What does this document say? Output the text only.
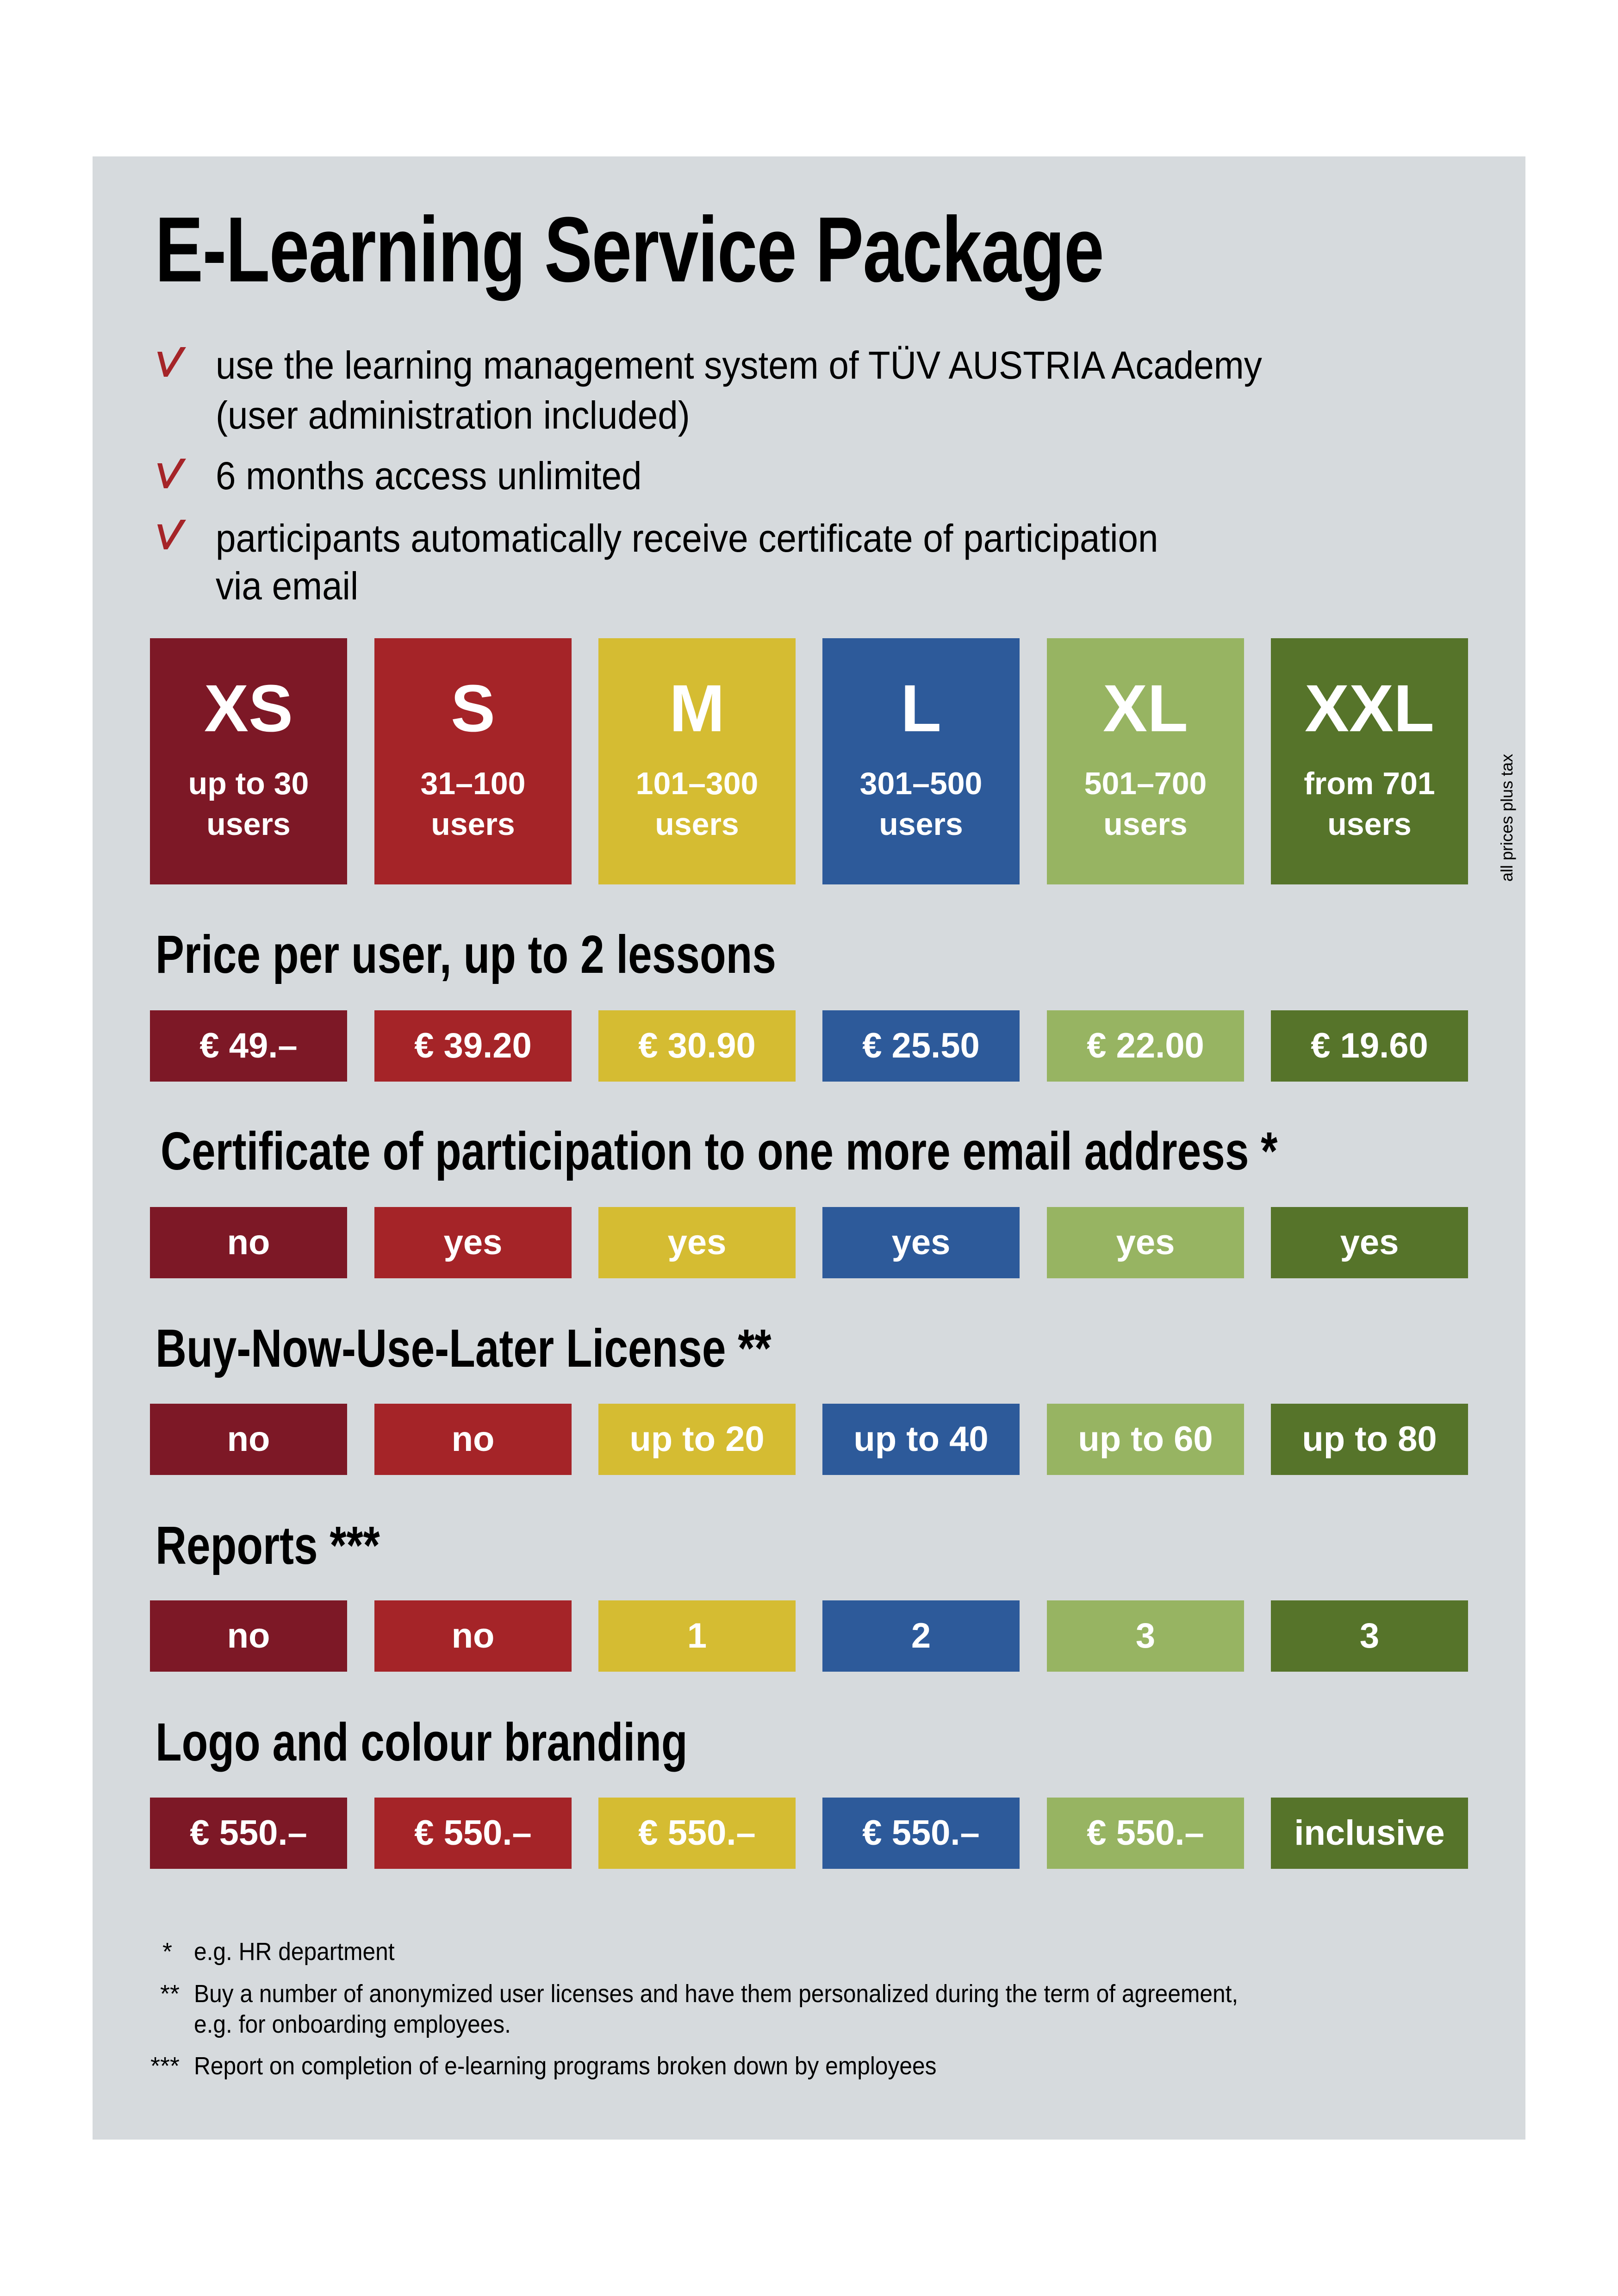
E-Learning Service Package
use the learning management system of TÜV AUSTRIA Academy
(user administration included)
6 months access unlimited
participants automatically receive certificate of participation
via email
XS
up to 30
users
S
31–100
users
M
101–300
users
L
301–500
users
XL
501–700
users
XXL
from 701
users	all prices plus tax
Price per user, up to 2 lessons
€ 49.–	€ 39.20	€ 30.90	€ 25.50	€ 22.00	€ 19.60
Certificate of participation to one more email address *
no	yes	yes	yes	yes	yes
Buy-Now-Use-Later License **
no	no	up to 20	up to 40	up to 60	up to 80
Reports ***
no	no	1	2	3	3
Logo and colour branding
€ 550.–	€ 550.–	€ 550.–	€ 550.–	€ 550.–	inclusive
* e.g. HR department
** Buy a number of anonymized user licenses and have them personalized during the term of agreement,
e.g. for onboarding employees.
*** Report on completion of e-learning programs broken down by employees
